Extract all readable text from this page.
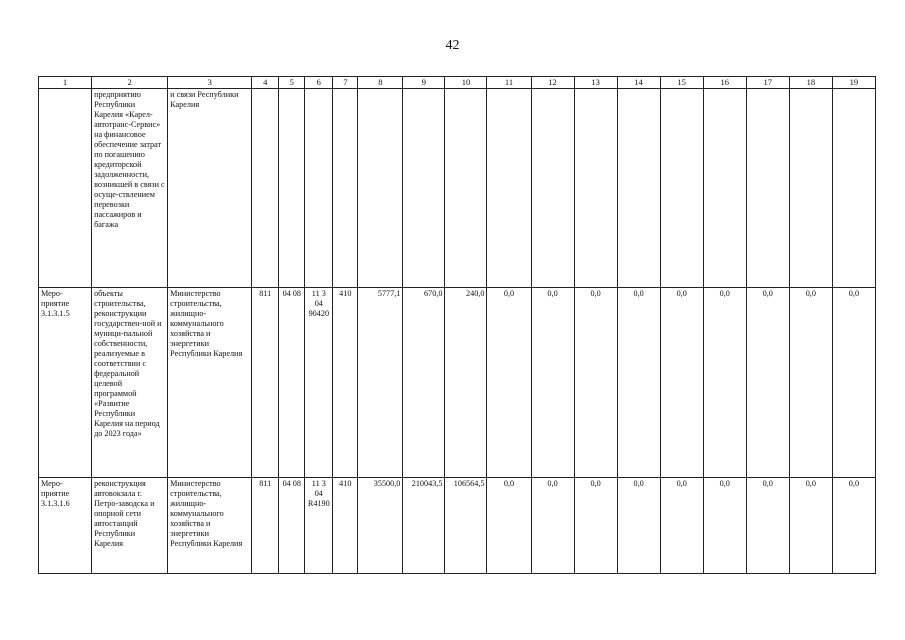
42
1	2	3	4	5	6	7	8	9	10	11	12	13	14	15	16	17	18	19
	предприятию Республики Карелия «Карел-автотранс-Сервис» на финансовое обеспечение затрат по погашению кредиторской задолженности, возникшей в связи с осуще-ствлением перевозки пассажиров и багажа	и связи Республики Карелия																
Меро-приятие 3.1.3.1.5	объекты строительства, реконструкции государствен-ной и муници-пальной собственности, реализуемые в соответствии с федеральной целевой программой «Развитие Республики Карелия на период до 2023 года»	Министерство строительства, жилищно-коммунального хозяйства и энергетики Республики Карелия	811	04 08	11 3 04 90420	410	5777,1	670,0	240,0	0,0	0,0	0,0	0,0	0,0	0,0	0,0	0,0	0,0
Меро-приятие 3.1.3.1.6	реконструкция автовокзала г. Петро-заводска и опорной сети автостанций Республики Карелия	Министерство строительства, жилищно-коммунального хозяйства и энергетики Республики Карелия	811	04 08	11 3 04 R4190	410	35500,0	210043,5	106564,5	0,0	0,0	0,0	0,0	0,0	0,0	0,0	0,0	0,0
